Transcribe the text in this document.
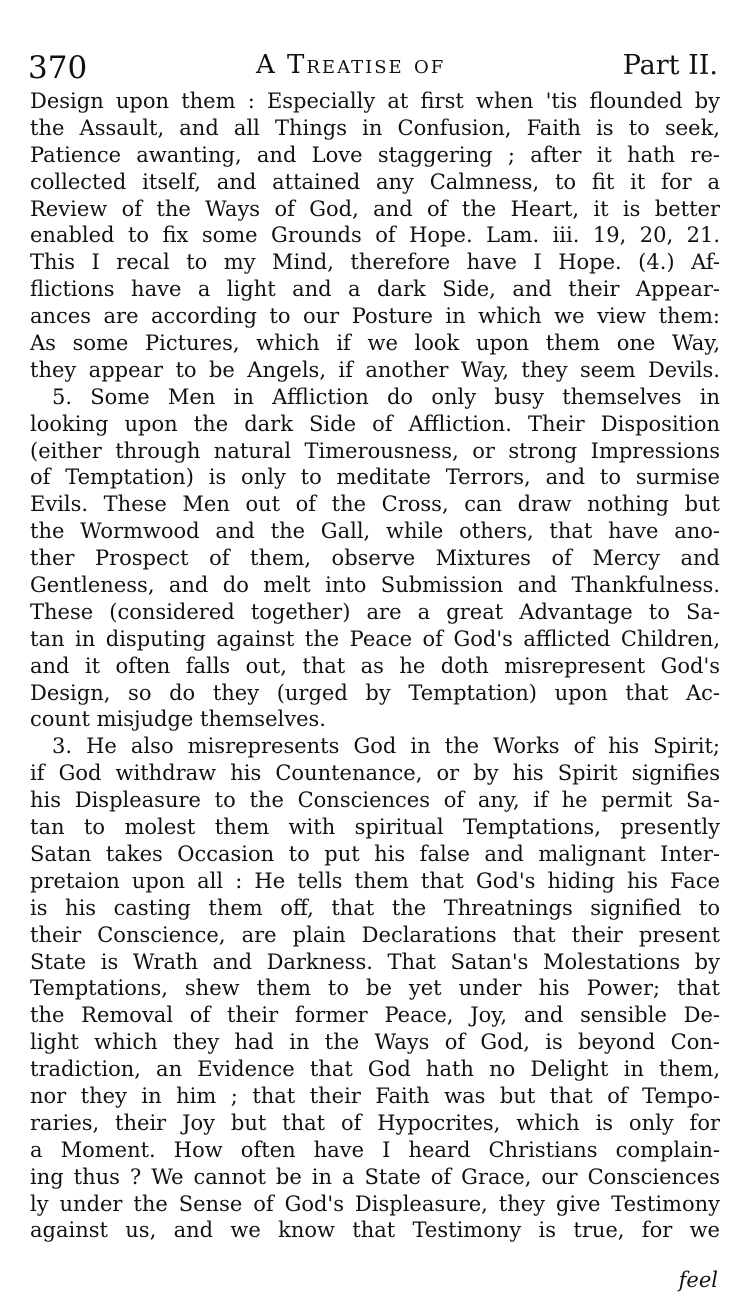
370	A Treatise of	Part II.
Design upon them : Especially at first when 'tis flounded by
the Assault, and all Things in Confusion, Faith is to seek,
Patience awanting, and Love staggering ; after it hath re-
collected itself, and attained any Calmness, to fit it for a
Review of the Ways of God, and of the Heart, it is better
enabled to fix some Grounds of Hope. Lam. iii. 19, 20, 21.
This I recal to my Mind, therefore have I Hope. (4.) Af-
flictions have a light and a dark Side, and their Appear-
ances are according to our Posture in which we view them:
As some Pictures, which if we look upon them one Way,
they appear to be Angels, if another Way, they seem Devils.
5. Some Men in Affliction do only busy themselves in
looking upon the dark Side of Affliction. Their Disposition
(either through natural Timerousness, or strong Impressions
of Temptation) is only to meditate Terrors, and to surmise
Evils. These Men out of the Cross, can draw nothing but
the Wormwood and the Gall, while others, that have ano-
ther Prospect of them, observe Mixtures of Mercy and
Gentleness, and do melt into Submission and Thankfulness.
These (considered together) are a great Advantage to Sa-
tan in disputing against the Peace of God's afflicted Children,
and it often falls out, that as he doth misrepresent God's
Design, so do they (urged by Temptation) upon that Ac-
count misjudge themselves.
3. He also misrepresents God in the Works of his Spirit;
if God withdraw his Countenance, or by his Spirit signifies
his Displeasure to the Consciences of any, if he permit Sa-
tan to molest them with spiritual Temptations, presently
Satan takes Occasion to put his false and malignant Inter-
pretaion upon all : He tells them that God's hiding his Face
is his casting them off, that the Threatnings signified to
their Conscience, are plain Declarations that their present
State is Wrath and Darkness. That Satan's Molestations by
Temptations, shew them to be yet under his Power; that
the Removal of their former Peace, Joy, and sensible De-
light which they had in the Ways of God, is beyond Con-
tradiction, an Evidence that God hath no Delight in them,
nor they in him ; that their Faith was but that of Tempo-
raries, their Joy but that of Hypocrites, which is only for
a Moment. How often have I heard Christians complain-
ing thus ? We cannot be in a State of Grace, our Consciences
ly under the Sense of God's Displeasure, they give Testimony
against us, and we know that Testimony is true, for we
feel
